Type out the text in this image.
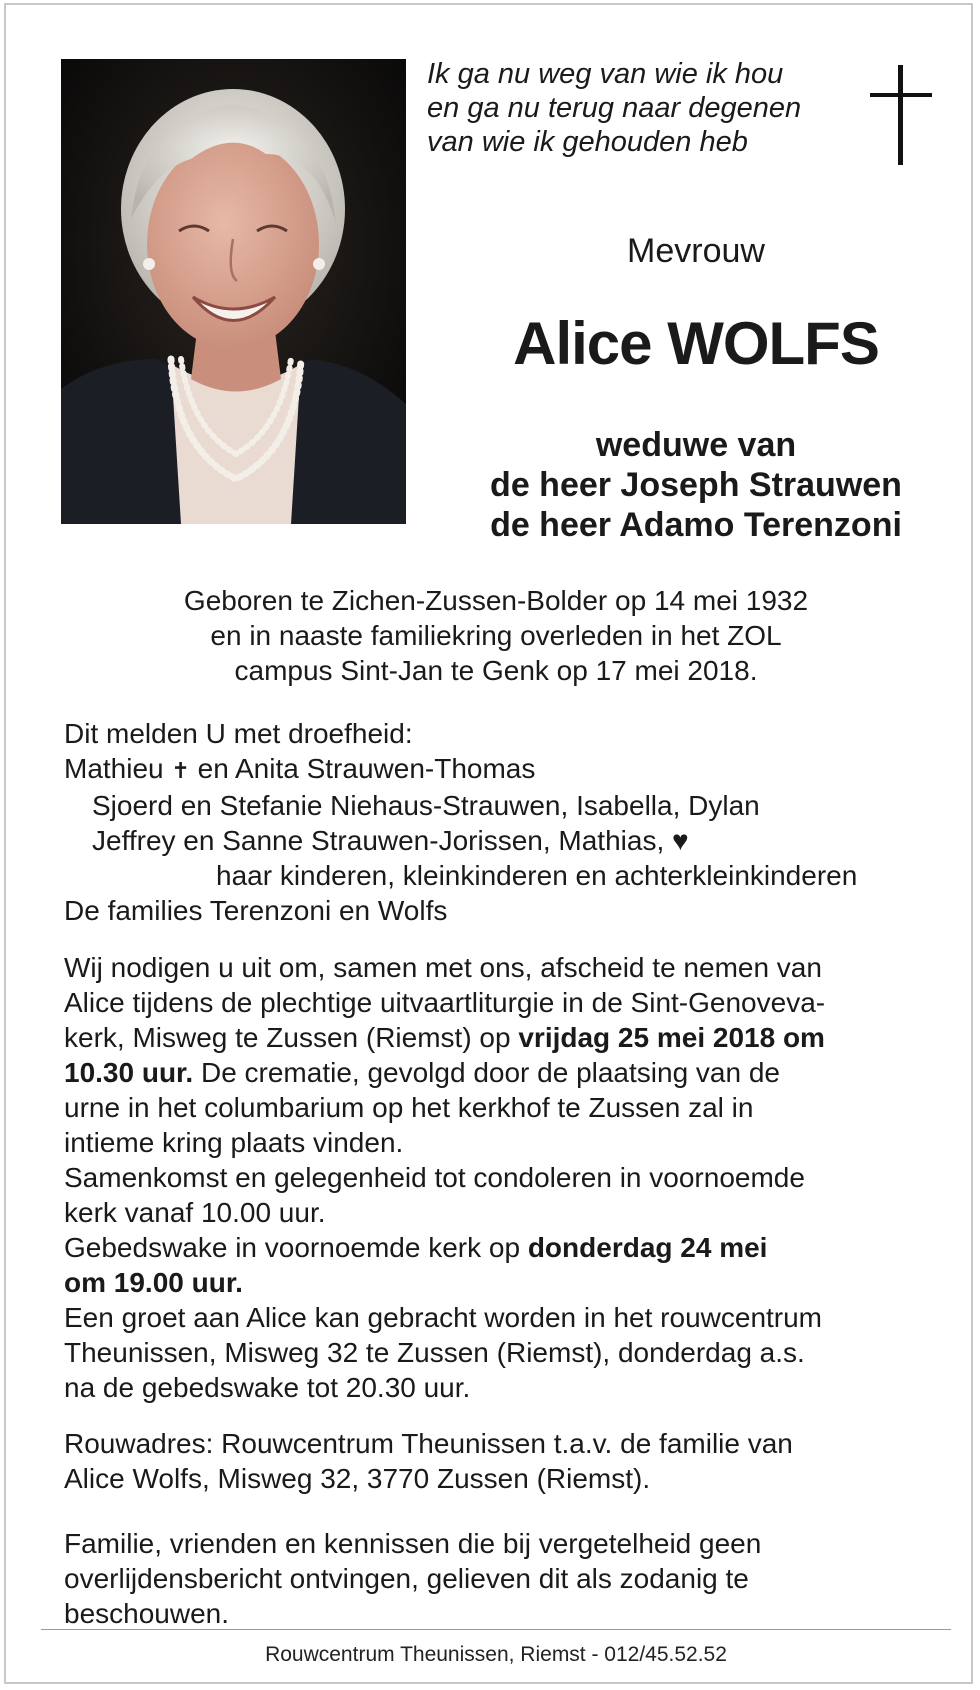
Ik ga nu weg van wie ik hou
en ga nu terug naar degenen
van wie ik gehouden heb
Mevrouw
Alice WOLFS
weduwe van
de heer Joseph Strauwen
de heer Adamo Terenzoni
Geboren te Zichen-Zussen-Bolder op 14 mei 1932
en in naaste familiekring overleden in het ZOL
campus Sint-Jan te Genk op 17 mei 2018.
Dit melden U met droefheid:
Mathieu ✝ en Anita Strauwen-Thomas
Sjoerd en Stefanie Niehaus-Strauwen, Isabella, Dylan
Jeffrey en Sanne Strauwen-Jorissen, Mathias, ♥
haar kinderen, kleinkinderen en achterkleinkinderen
De families Terenzoni en Wolfs
Wij nodigen u uit om, samen met ons, afscheid te nemen van
Alice tijdens de plechtige uitvaartliturgie in de Sint-Genoveva-
kerk, Misweg te Zussen (Riemst) op vrijdag 25 mei 2018 om
10.30 uur. De crematie, gevolgd door de plaatsing van de
urne in het columbarium op het kerkhof te Zussen zal in
intieme kring plaats vinden.
Samenkomst en gelegenheid tot condoleren in voornoemde
kerk vanaf 10.00 uur.
Gebedswake in voornoemde kerk op donderdag 24 mei
om 19.00 uur.
Een groet aan Alice kan gebracht worden in het rouwcentrum
Theunissen, Misweg 32 te Zussen (Riemst), donderdag a.s.
na de gebedswake tot 20.30 uur.
Rouwadres: Rouwcentrum Theunissen t.a.v. de familie van
Alice Wolfs, Misweg 32, 3770 Zussen (Riemst).
Familie, vrienden en kennissen die bij vergetelheid geen
overlijdensbericht ontvingen, gelieven dit als zodanig te
beschouwen.
Rouwcentrum Theunissen, Riemst - 012/45.52.52
